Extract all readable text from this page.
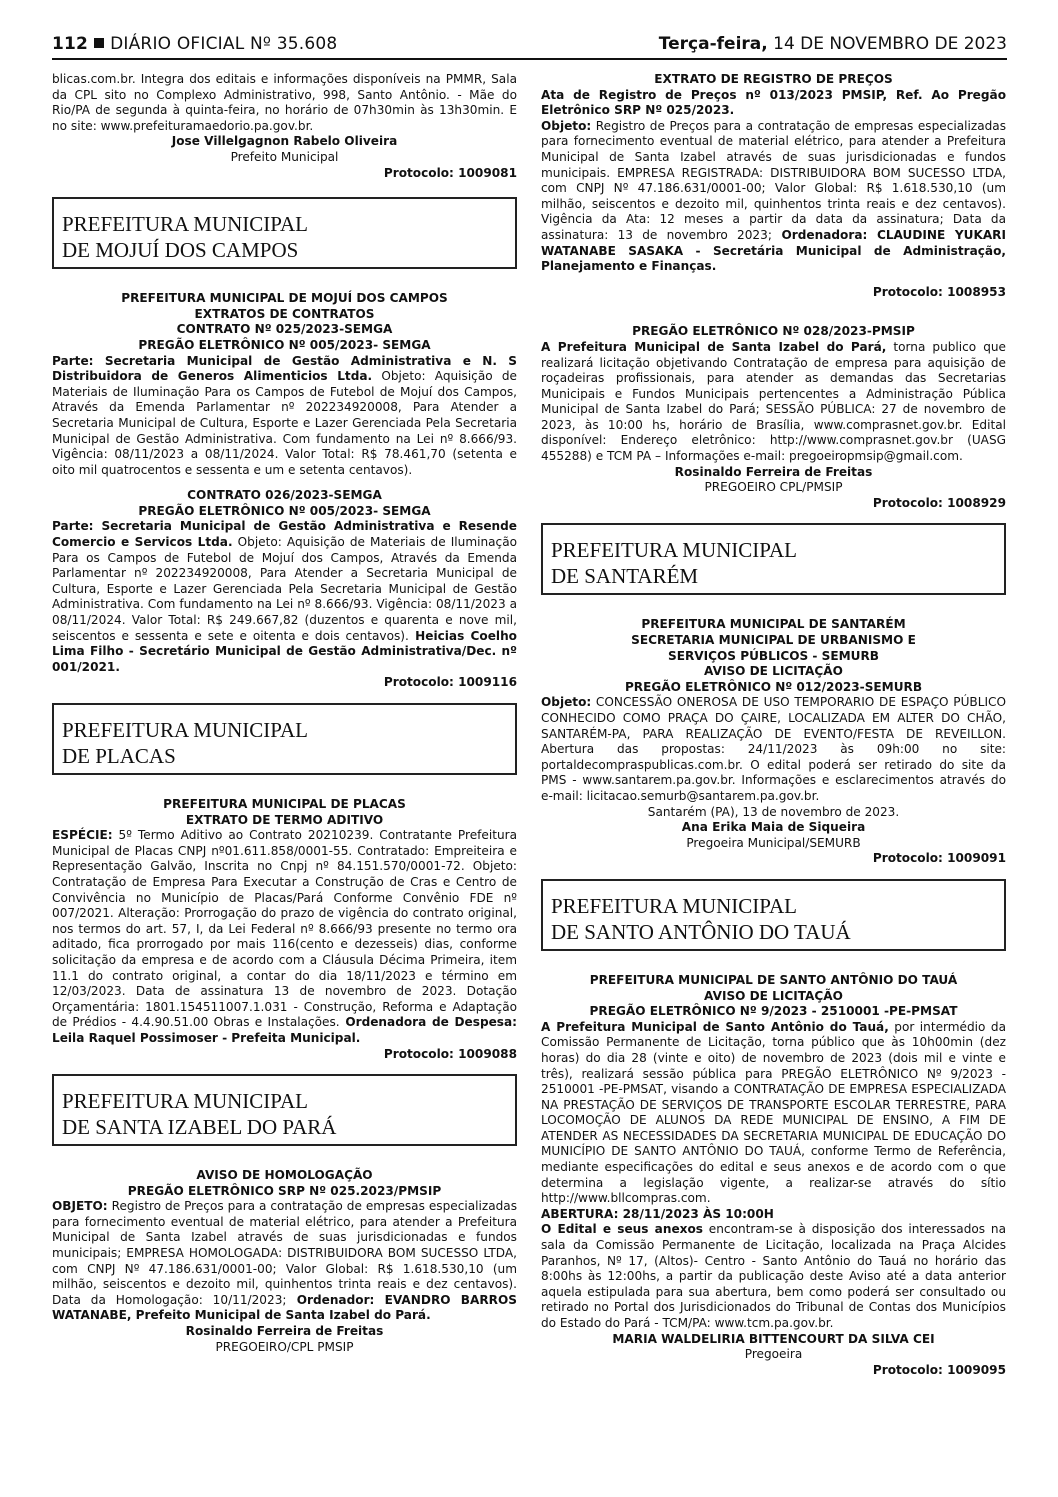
112 DIÁRIO OFICIAL Nº 35.608	Terça-feira, 14 DE NOVEMBRO DE 2023

blicas.com.br. Integra dos editais e informações disponíveis na PMMR, Sala da CPL sito no Complexo Administrativo, 998, Santo Antônio. - Mãe do Rio/PA de segunda à quinta-feira, no horário de 07h30min às 13h30min. E no site: www.prefeituramaedorio.pa.gov.br.

Jose Villelgagnon Rabelo Oliveira

Prefeito Municipal

Protocolo: 1009081

PREFEITURA MUNICIPAL
DE MOJUÍ DOS CAMPOS

PREFEITURA MUNICIPAL DE MOJUÍ DOS CAMPOS

EXTRATOS DE CONTRATOS

CONTRATO Nº 025/2023-SEMGA

PREGÃO ELETRÔNICO Nº 005/2023- SEMGA

Parte: Secretaria Municipal de Gestão Administrativa e N. S Distribuidora de Generos Alimenticios Ltda. Objeto: Aquisição de Materiais de Iluminação Para os Campos de Futebol de Mojuí dos Campos, Através da Emenda Parlamentar nº 202234920008, Para Atender a Secretaria Municipal de Cultura, Esporte e Lazer Gerenciada Pela Secretaria Municipal de Gestão Administrativa. Com fundamento na Lei nº 8.666/93. Vigência: 08/11/2023 a 08/11/2024. Valor Total: R$ 78.461,70 (setenta e oito mil quatrocentos e sessenta e um e setenta centavos).

CONTRATO 026/2023-SEMGA

PREGÃO ELETRÔNICO Nº 005/2023- SEMGA

Parte: Secretaria Municipal de Gestão Administrativa e Resende Comercio e Servicos Ltda. Objeto: Aquisição de Materiais de Iluminação Para os Campos de Futebol de Mojuí dos Campos, Através da Emenda Parlamentar nº 202234920008, Para Atender a Secretaria Municipal de Cultura, Esporte e Lazer Gerenciada Pela Secretaria Municipal de Gestão Administrativa. Com fundamento na Lei nº 8.666/93. Vigência: 08/11/2023 a 08/11/2024. Valor Total: R$ 249.667,82 (duzentos e quarenta e nove mil, seiscentos e sessenta e sete e oitenta e dois centavos). Heicias Coelho Lima Filho - Secretário Municipal de Gestão Administrativa/Dec. nº 001/2021.

Protocolo: 1009116

PREFEITURA MUNICIPAL
DE PLACAS

PREFEITURA MUNICIPAL DE PLACAS

EXTRATO DE TERMO ADITIVO

ESPÉCIE: 5º Termo Aditivo ao Contrato 20210239. Contratante Prefeitura Municipal de Placas CNPJ nº01.611.858/0001-55. Contratado: Empreiteira e Representação Galvão, Inscrita no Cnpj nº 84.151.570/0001-72. Objeto: Contratação de Empresa Para Executar a Construção de Cras e Centro de Convivência no Município de Placas/Pará Conforme Convênio FDE nº 007/2021. Alteração: Prorrogação do prazo de vigência do contrato original, nos termos do art. 57, I, da Lei Federal nº 8.666/93 presente no termo ora aditado, fica prorrogado por mais 116(cento e dezesseis) dias, conforme solicitação da empresa e de acordo com a Cláusula Décima Primeira, item 11.1 do contrato original, a contar do dia 18/11/2023 e término em 12/03/2023. Data de assinatura 13 de novembro de 2023. Dotação Orçamentária: 1801.154511007.1.031 - Construção, Reforma e Adaptação de Prédios - 4.4.90.51.00 Obras e Instalações. Ordenadora de Despesa: Leila Raquel Possimoser - Prefeita Municipal.

Protocolo: 1009088

PREFEITURA MUNICIPAL
DE SANTA IZABEL DO PARÁ

AVISO DE HOMOLOGAÇÃO

PREGÃO ELETRÔNICO SRP Nº 025.2023/PMSIP

OBJETO: Registro de Preços para a contratação de empresas especializadas para fornecimento eventual de material elétrico, para atender a Prefeitura Municipal de Santa Izabel através de suas jurisdicionadas e fundos municipais; EMPRESA HOMOLOGADA: DISTRIBUIDORA BOM SUCESSO LTDA, com CNPJ Nº 47.186.631/0001-00; Valor Global: R$ 1.618.530,10 (um milhão, seiscentos e dezoito mil, quinhentos trinta reais e dez centavos). Data da Homologação: 10/11/2023; Ordenador: EVANDRO BARROS WATANABE, Prefeito Municipal de Santa Izabel do Pará.

Rosinaldo Ferreira de Freitas

PREGOEIRO/CPL PMSIP

EXTRATO DE REGISTRO DE PREÇOS

Ata de Registro de Preços nº 013/2023 PMSIP, Ref. Ao Pregão Eletrônico SRP Nº 025/2023.

Objeto: Registro de Preços para a contratação de empresas especializadas para fornecimento eventual de material elétrico, para atender a Prefeitura Municipal de Santa Izabel através de suas jurisdicionadas e fundos municipais. EMPRESA REGISTRADA: DISTRIBUIDORA BOM SUCESSO LTDA, com CNPJ Nº 47.186.631/0001-00; Valor Global: R$ 1.618.530,10 (um milhão, seiscentos e dezoito mil, quinhentos trinta reais e dez centavos). Vigência da Ata: 12 meses a partir da data da assinatura; Data da assinatura: 13 de novembro 2023; Ordenadora: CLAUDINE YUKARI WATANABE SASAKA - Secretária Municipal de Administração, Planejamento e Finanças.

Protocolo: 1008953

PREGÃO ELETRÔNICO Nº 028/2023-PMSIP

A Prefeitura Municipal de Santa Izabel do Pará, torna publico que realizará licitação objetivando Contratação de empresa para aquisição de roçadeiras profissionais, para atender as demandas das Secretarias Municipais e Fundos Municipais pertencentes a Administração Pública Municipal de Santa Izabel do Pará; SESSÃO PÚBLICA: 27 de novembro de 2023, às 10:00 hs, horário de Brasília, www.comprasnet.gov.br. Edital disponível: Endereço eletrônico: http://www.comprasnet.gov.br (UASG 455288) e TCM PA – Informações e-mail: pregoeiropmsip@gmail.com.

Rosinaldo Ferreira de Freitas

PREGOEIRO CPL/PMSIP

Protocolo: 1008929

PREFEITURA MUNICIPAL
DE SANTARÉM

PREFEITURA MUNICIPAL DE SANTARÉM

SECRETARIA MUNICIPAL DE URBANISMO E

SERVIÇOS PÚBLICOS - SEMURB

AVISO DE LICITAÇÃO

PREGÃO ELETRÔNICO Nº 012/2023-SEMURB

Objeto: CONCESSÃO ONEROSA DE USO TEMPORARIO DE ESPAÇO PÚBLICO CONHECIDO COMO PRAÇA DO ÇAIRE, LOCALIZADA EM ALTER DO CHÃO, SANTARÉM-PA, PARA REALIZAÇÃO DE EVENTO/FESTA DE REVEILLON. Abertura das propostas: 24/11/2023 às 09h:00 no site: portaldecompraspublicas.com.br. O edital poderá ser retirado do site da PMS - www.santarem.pa.gov.br. Informações e esclarecimentos através do e-mail: licitacao.semurb@santarem.pa.gov.br.

Santarém (PA), 13 de novembro de 2023.

Ana Erika Maia de Siqueira

Pregoeira Municipal/SEMURB

Protocolo: 1009091

PREFEITURA MUNICIPAL
DE SANTO ANTÔNIO DO TAUÁ

PREFEITURA MUNICIPAL DE SANTO ANTÔNIO DO TAUÁ

AVISO DE LICITAÇÃO

PREGÃO ELETRÔNICO Nº 9/2023 - 2510001 -PE-PMSAT

A Prefeitura Municipal de Santo Antônio do Tauá, por intermédio da Comissão Permanente de Licitação, torna público que às 10h00min (dez horas) do dia 28 (vinte e oito) de novembro de 2023 (dois mil e vinte e três), realizará sessão pública para PREGÃO ELETRÔNICO Nº 9/2023 - 2510001 -PE-PMSAT, visando a CONTRATAÇÃO DE EMPRESA ESPECIALIZADA NA PRESTAÇÃO DE SERVIÇOS DE TRANSPORTE ESCOLAR TERRESTRE, PARA LOCOMOÇÃO DE ALUNOS DA REDE MUNICIPAL DE ENSINO, A FIM DE ATENDER AS NECESSIDADES DA SECRETARIA MUNICIPAL DE EDUCAÇÃO DO MUNICÍPIO DE SANTO ANTÔNIO DO TAUÁ, conforme Termo de Referência, mediante especificações do edital e seus anexos e de acordo com o que determina a legislação vigente, a realizar-se através do sítio http://www.bllcompras.com.

ABERTURA: 28/11/2023 ÀS 10:00H

O Edital e seus anexos encontram-se à disposição dos interessados na sala da Comissão Permanente de Licitação, localizada na Praça Alcides Paranhos, Nº 17, (Altos)- Centro - Santo Antônio do Tauá no horário das 8:00hs às 12:00hs, a partir da publicação deste Aviso até a data anterior aquela estipulada para sua abertura, bem como poderá ser consultado ou retirado no Portal dos Jurisdicionados do Tribunal de Contas dos Municípios do Estado do Pará - TCM/PA: www.tcm.pa.gov.br.

MARIA WALDELIRIA BITTENCOURT DA SILVA CEI

Pregoeira

Protocolo: 1009095
